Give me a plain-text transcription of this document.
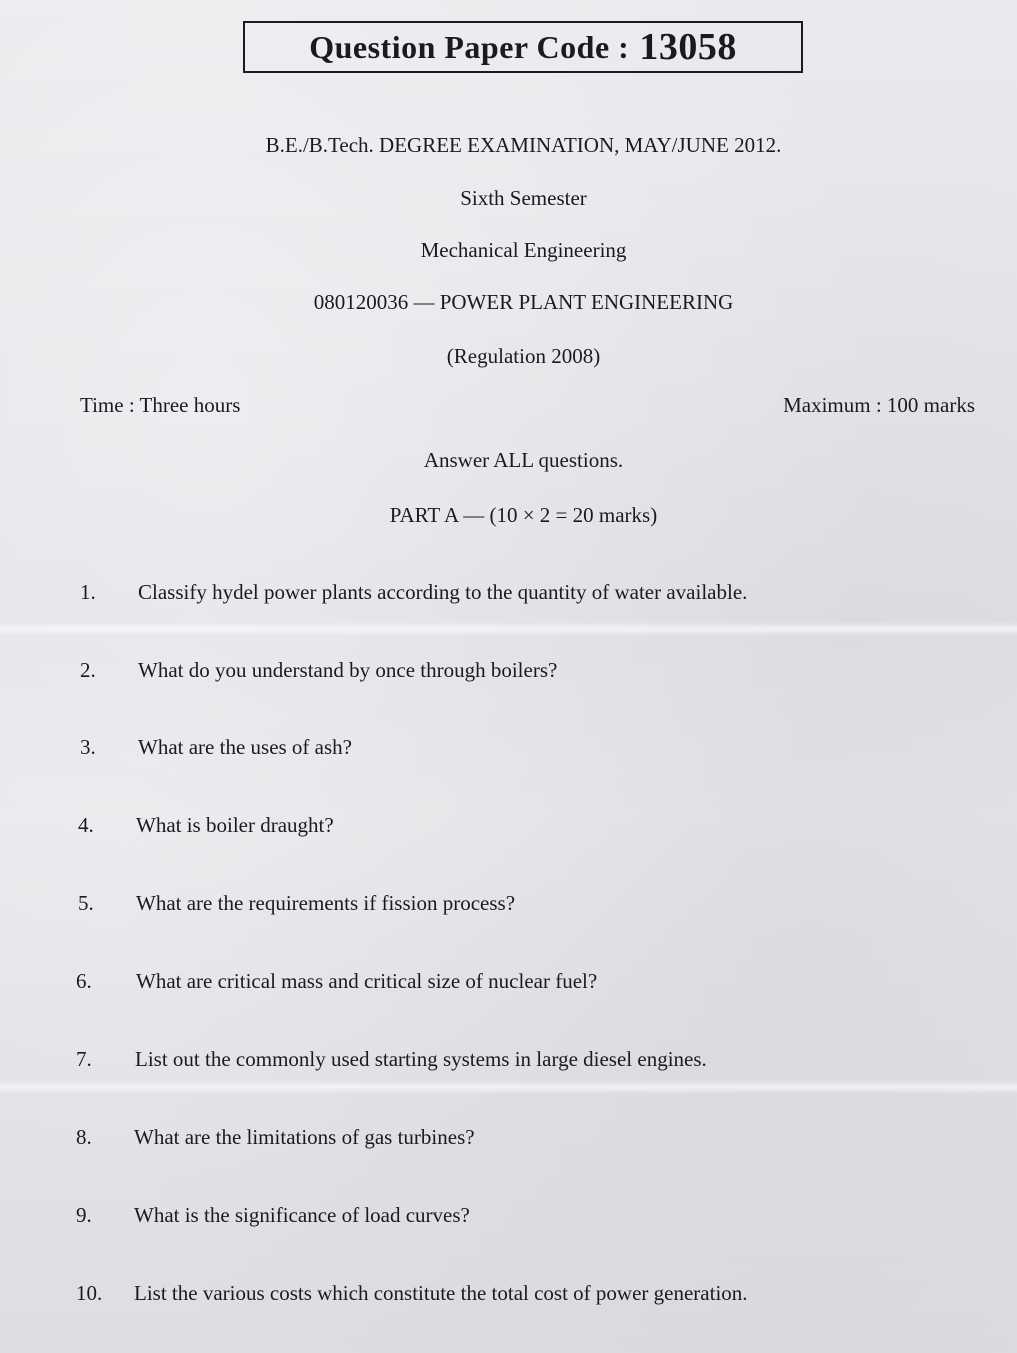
Question Paper Code : 13058
B.E./B.Tech. DEGREE EXAMINATION, MAY/JUNE 2012.
Sixth Semester
Mechanical Engineering
080120036 — POWER PLANT ENGINEERING
(Regulation 2008)
Time : Three hours	Maximum : 100 marks
Answer ALL questions.
PART A — (10 × 2 = 20 marks)
1. Classify hydel power plants according to the quantity of water available.
2. What do you understand by once through boilers?
3. What are the uses of ash?
4. What is boiler draught?
5. What are the requirements if fission process?
6. What are critical mass and critical size of nuclear fuel?
7. List out the commonly used starting systems in large diesel engines.
8. What are the limitations of gas turbines?
9. What is the significance of load curves?
10. List the various costs which constitute the total cost of power generation.
